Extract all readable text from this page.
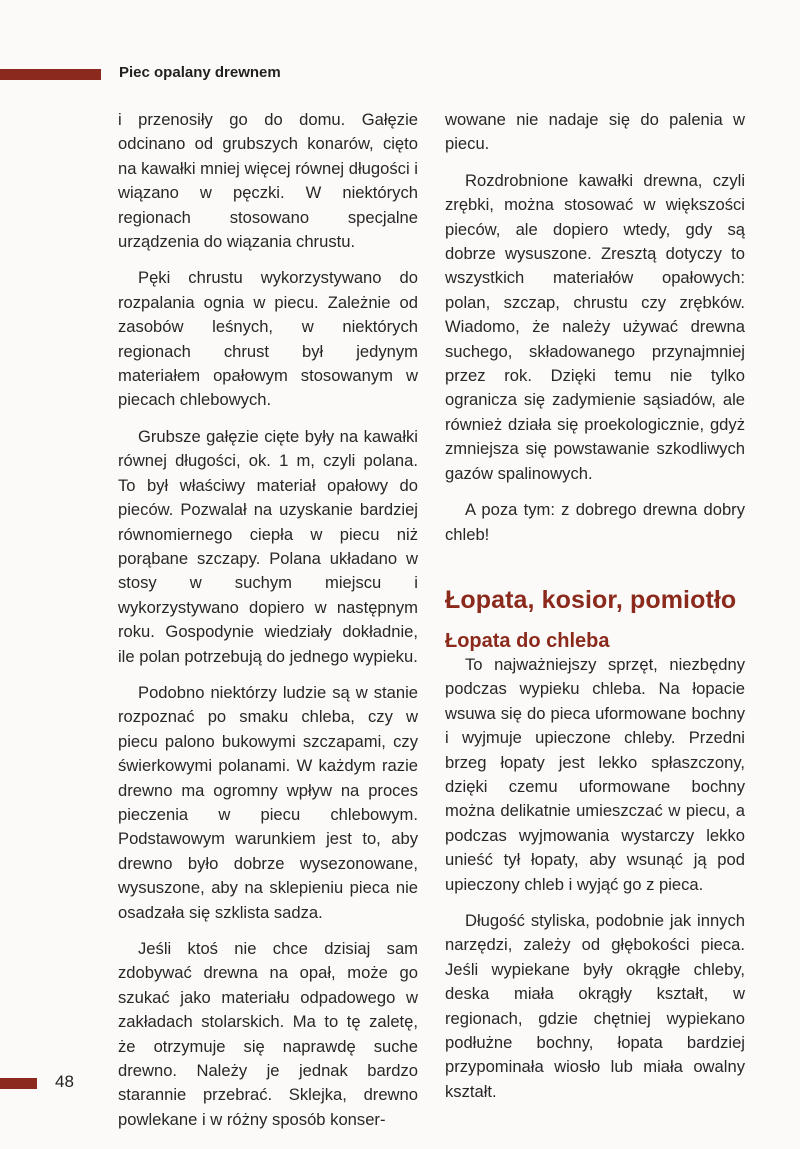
Piec opalany drewnem

i przenosiły go do domu. Gałęzie odcinano od grubszych konarów, cięto na kawałki mniej więcej równej długości i wiązano w pęczki. W niektórych regionach stosowano specjalne urządzenia do wiązania chrustu.

Pęki chrustu wykorzystywano do rozpalania ognia w piecu. Zależnie od zasobów leśnych, w niektórych regionach chrust był jedynym materiałem opałowym stosowanym w piecach chlebowych.

Grubsze gałęzie cięte były na kawałki równej długości, ok. 1 m, czyli polana. To był właściwy materiał opałowy do pieców. Pozwalał na uzyskanie bardziej równomiernego ciepła w piecu niż porąbane szczapy. Polana układano w stosy w suchym miejscu i wykorzystywano dopiero w następnym roku. Gospodynie wiedziały dokładnie, ile polan potrzebują do jednego wypieku.

Podobno niektórzy ludzie są w stanie rozpoznać po smaku chleba, czy w piecu palono bukowymi szczapami, czy świerkowymi polanami. W każdym razie drewno ma ogromny wpływ na proces pieczenia w piecu chlebowym. Podstawowym warunkiem jest to, aby drewno było dobrze wysezonowane, wysuszone, aby na sklepieniu pieca nie osadzała się szklista sadza.

Jeśli ktoś nie chce dzisiaj sam zdobywać drewna na opał, może go szukać jako materiału odpadowego w zakładach stolarskich. Ma to tę zaletę, że otrzymuje się naprawdę suche drewno. Należy je jednak bardzo starannie przebrać. Sklejka, drewno powlekane i w różny sposób konser-

wowane nie nadaje się do palenia w piecu.

Rozdrobnione kawałki drewna, czyli zrębki, można stosować w większości pieców, ale dopiero wtedy, gdy są dobrze wysuszone. Zresztą dotyczy to wszystkich materiałów opałowych: polan, szczap, chrustu czy zrębków. Wiadomo, że należy używać drewna suchego, składowanego przynajmniej przez rok. Dzięki temu nie tylko ogranicza się zadymienie sąsiadów, ale również działa się proekologicznie, gdyż zmniejsza się powstawanie szkodliwych gazów spalinowych.

A poza tym: z dobrego drewna dobry chleb!

Łopata, kosior, pomiotło
Łopata do chleba

To najważniejszy sprzęt, niezbędny podczas wypieku chleba. Na łopacie wsuwa się do pieca uformowane bochny i wyjmuje upieczone chleby. Przedni brzeg łopaty jest lekko spłaszczony, dzięki czemu uformowane bochny można delikatnie umieszczać w piecu, a podczas wyjmowania wystarczy lekko unieść tył łopaty, aby wsunąć ją pod upieczony chleb i wyjąć go z pieca.

Długość styliska, podobnie jak innych narzędzi, zależy od głębokości pieca. Jeśli wypiekane były okrągłe chleby, deska miała okrągły kształt, w regionach, gdzie chętniej wypiekano podłużne bochny, łopata bardziej przypominała wiosło lub miała owalny kształt.

48
